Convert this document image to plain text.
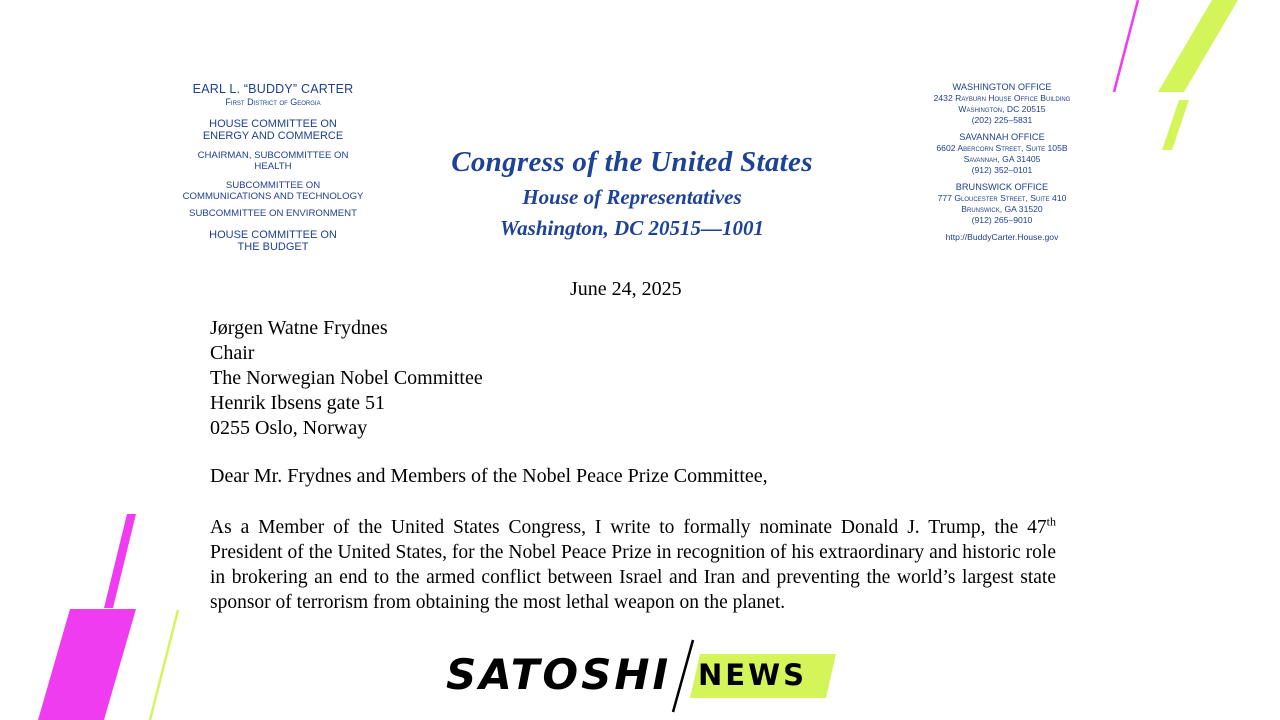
EARL L. “BUDDY” CARTER
First District of Georgia
HOUSE COMMITTEE ON
ENERGY AND COMMERCE
CHAIRMAN, SUBCOMMITTEE ON
HEALTH
SUBCOMMITTEE ON
COMMUNICATIONS AND TECHNOLOGY
SUBCOMMITTEE ON ENVIRONMENT
HOUSE COMMITTEE ON
THE BUDGET
Congress of the United States
House of Representatives
Washington, DC 20515—1001
WASHINGTON OFFICE
2432 Rayburn House Office Building
Washington, DC 20515
(202) 225–5831
SAVANNAH OFFICE
6602 Abercorn Street, Suite 105B
Savannah, GA 31405
(912) 352–0101
BRUNSWICK OFFICE
777 Gloucester Street, Suite 410
Brunswick, GA 31520
(912) 265–9010
http://BuddyCarter.House.gov
June 24, 2025
Jørgen Watne Frydnes
Chair
The Norwegian Nobel Committee
Henrik Ibsens gate 51
0255 Oslo, Norway
Dear Mr. Frydnes and Members of the Nobel Peace Prize Committee,
As a Member of the United States Congress, I write to formally nominate Donald J. Trump, the 47th President of the United States, for the Nobel Peace Prize in recognition of his extraordinary and historic role in brokering an end to the armed conflict between Israel and Iran and preventing the world’s largest state sponsor of terrorism from obtaining the most lethal weapon on the planet.
SATOSHI NEWS
